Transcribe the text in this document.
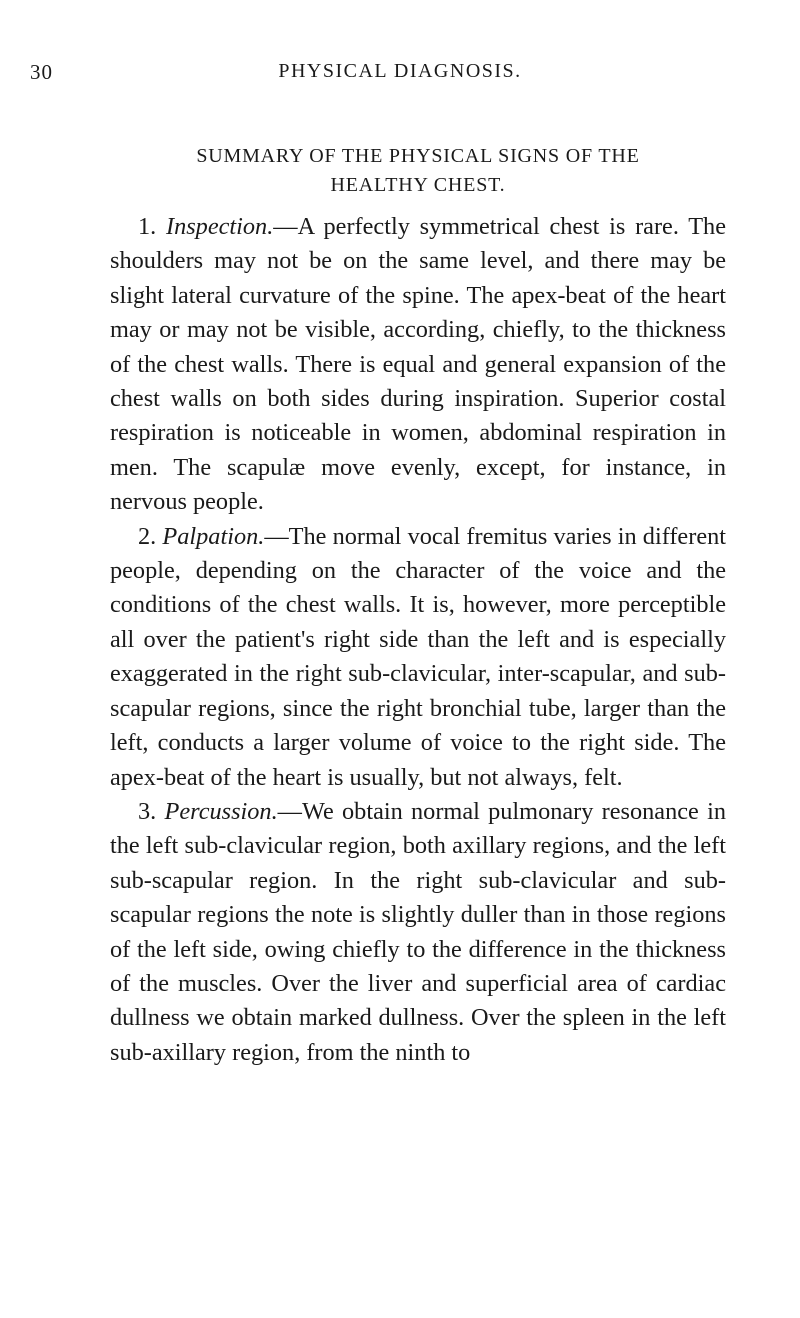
30	PHYSICAL DIAGNOSIS.
SUMMARY OF THE PHYSICAL SIGNS OF THE
HEALTHY CHEST.

1. Inspection.—A perfectly symmetrical chest is rare. The shoulders may not be on the same level, and there may be slight lateral curvature of the spine. The apex-beat of the heart may or may not be visible, according, chiefly, to the thickness of the chest walls. There is equal and general expansion of the chest walls on both sides during inspiration. Superior costal respiration is noticeable in women, abdominal respiration in men. The scapulæ move evenly, except, for instance, in nervous people.

2. Palpation.—The normal vocal fremitus varies in different people, depending on the character of the voice and the conditions of the chest walls. It is, however, more perceptible all over the patient's right side than the left and is especially exaggerated in the right sub-clavicular, inter-scapular, and sub-scapular regions, since the right bronchial tube, larger than the left, conducts a larger volume of voice to the right side. The apex-beat of the heart is usually, but not always, felt.

3. Percussion.—We obtain normal pulmonary resonance in the left sub-clavicular region, both axillary regions, and the left sub-scapular region. In the right sub-clavicular and sub-scapular regions the note is slightly duller than in those regions of the left side, owing chiefly to the difference in the thickness of the muscles. Over the liver and superficial area of cardiac dullness we obtain marked dullness. Over the spleen in the left sub-axillary region, from the ninth to
